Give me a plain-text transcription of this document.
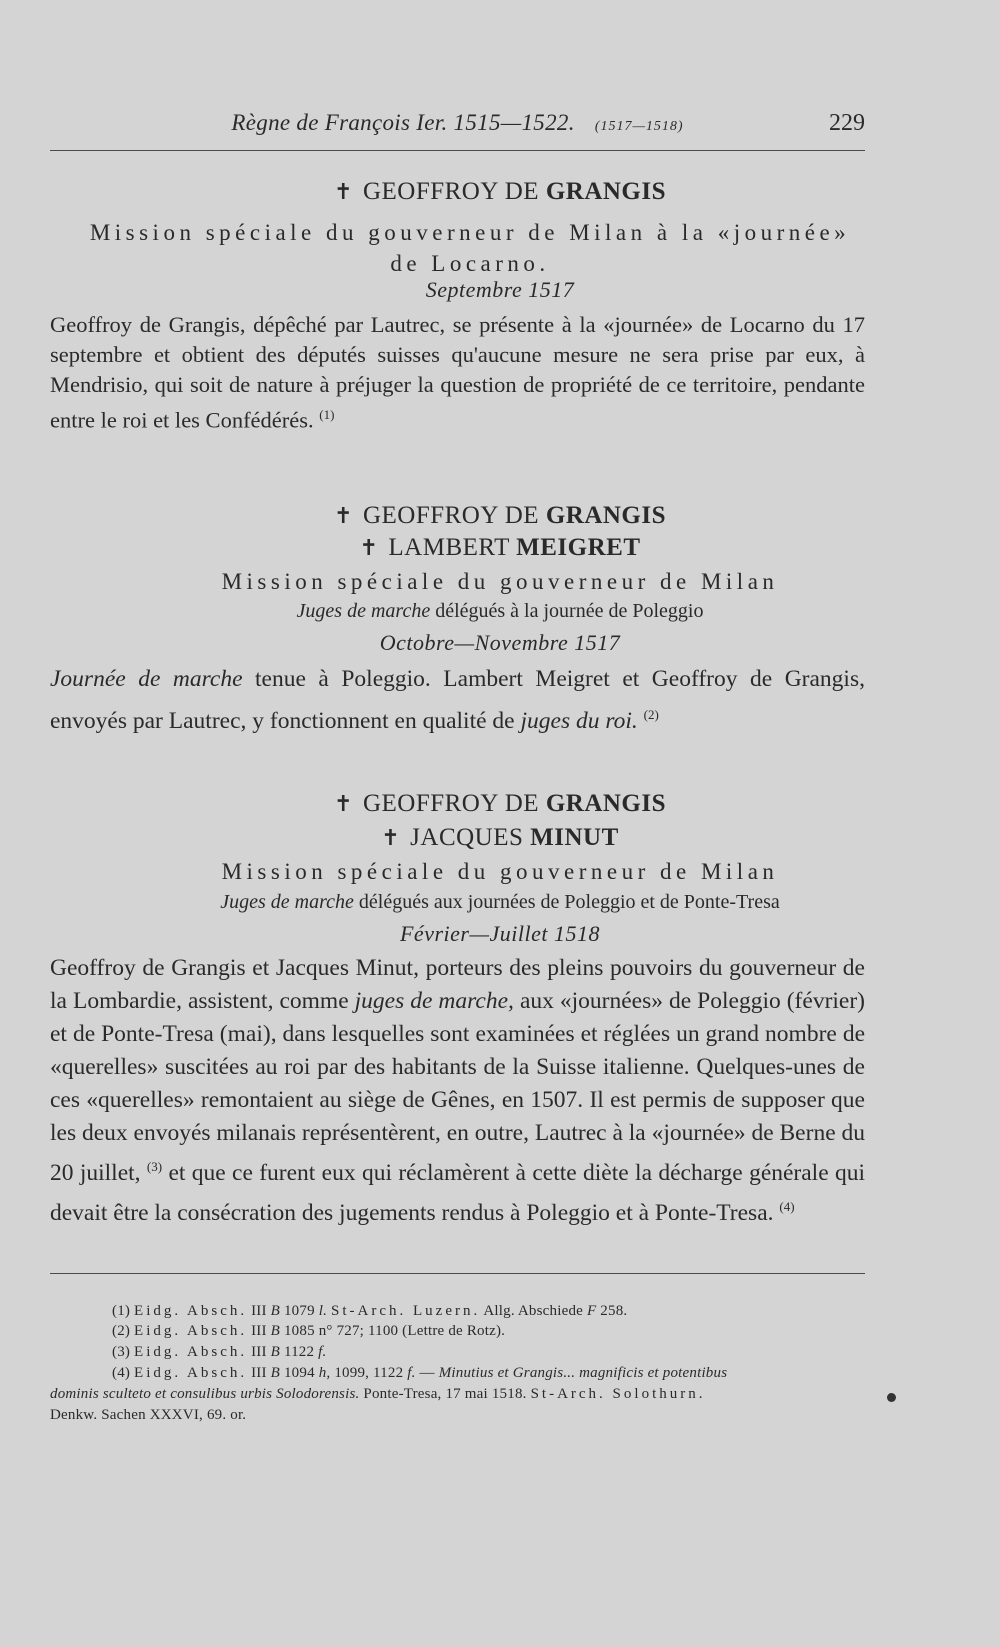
Règne de François Ier. 1515—1522. (1517—1518)	229
✝ GEOFFROY DE GRANGIS
Mission spéciale du gouverneur de Milan à la «journée» de Locarno.
Septembre 1517
Geoffroy de Grangis, dépêché par Lautrec, se présente à la «journée» de Locarno du 17 septembre et obtient des députés suisses qu'aucune mesure ne sera prise par eux, à Mendrisio, qui soit de nature à préjuger la question de propriété de ce territoire, pendante entre le roi et les Confédérés. $^{(1)}$
✝ GEOFFROY DE GRANGIS
✝ LAMBERT MEIGRET
Mission spéciale du gouverneur de Milan
Juges de marche délégués à la journée de Poleggio
Octobre—Novembre 1517
Journée de marche tenue à Poleggio. Lambert Meigret et Geoffroy de Grangis, envoyés par Lautrec, y fonctionnent en qualité de juges du roi. $^{(2)}$
✝ GEOFFROY DE GRANGIS
✝ JACQUES MINUT
Mission spéciale du gouverneur de Milan
Juges de marche délégués aux journées de Poleggio et de Ponte-Tresa
Février—Juillet 1518
Geoffroy de Grangis et Jacques Minut, porteurs des pleins pouvoirs du gouverneur de la Lombardie, assistent, comme juges de marche, aux «journées» de Poleggio (février) et de Ponte-Tresa (mai), dans lesquelles sont examinées et réglées un grand nombre de «querelles» suscitées au roi par des habitants de la Suisse italienne. Quelques-unes de ces «querelles» remontaient au siège de Gênes, en 1507. Il est permis de supposer que les deux envoyés milanais représentèrent, en outre, Lautrec à la «journée» de Berne du 20 juillet, $^{(3)}$ et que ce furent eux qui réclamèrent à cette diète la décharge générale qui devait être la consécration des jugements rendus à Poleggio et à Ponte-Tresa. $^{(4)}$
(1) Eidg. Absch. III B 1079 l. St-Arch. Luzern. Allg. Abschiede F 258.
(2) Eidg. Absch. III B 1085 n° 727; 1100 (Lettre de Rotz).
(3) Eidg. Absch. III B 1122 f.
(4) Eidg. Absch. III B 1094 h, 1099, 1122 f. — Minutius et Grangis... magnificis et potentibus
dominis sculteto et consulibus urbis Solodorensis. Ponte-Tresa, 17 mai 1518. St-Arch. Solothurn.
Denkw. Sachen XXXVI, 69. or.
